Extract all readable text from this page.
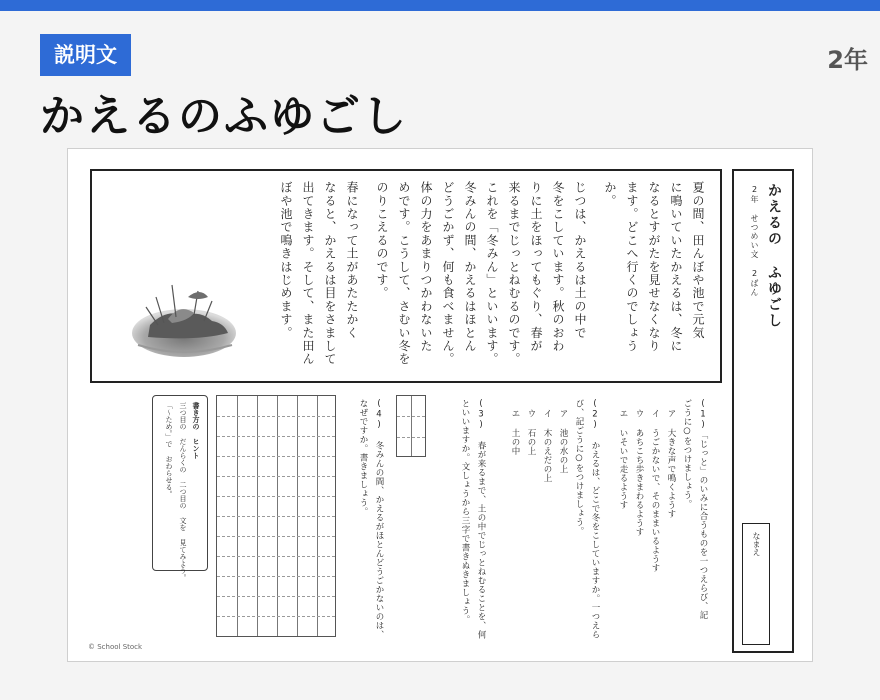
説明文	2年
かえるのふゆごし
かえるの ふゆごし
2年 せつめい文 2ばん
なまえ
夏の間、田んぼや池で元気
に鳴いていたかえるは、冬に
なるとすがたを見せなくなり
ます。どこへ行くのでしょう
か。
じつは、かえるは土の中で
冬をこしています。秋のおわ
りに土をほってもぐり、春が
来るまでじっとねむるのです。
これを「冬みん」といいます。
冬みんの間、かえるはほとん
どうごかず、何も食べません。
体の力をあまりつかわないた
めです。こうして、さむい冬を
のりこえるのです。
春になって土があたたかく
なると、かえるは目をさまして
出てきます。そして、また田ん
ぼや池で鳴きはじめます。
(1)「じっと」のいみに合うものを一つえらび、記
ごうに○をつけましょう。
ア 大きな声で鳴くようす
イ うごかないで、そのままいるようす
ウ あちこち歩きまわるようす
エ いそいで走るようす
(2) かえるは、どこで冬をこしていますか。一つえら
び、記ごうに○をつけましょう。
ア 池の水の上
イ 木のえだの上
ウ 石の上
エ 土の中
(3) 春が来るまで、土の中でじっとねむることを、何
といいますか。文しょうから三字で書きぬきましょう。
(4) 冬みんの間、かえるがほとんどうごかないのは、
なぜですか。書きましょう。
書き方の ヒント
三つ目の だんらくの 二つ目の 文を 見てみよう。
「〜ため。」で おわらせる。
© School Stock
